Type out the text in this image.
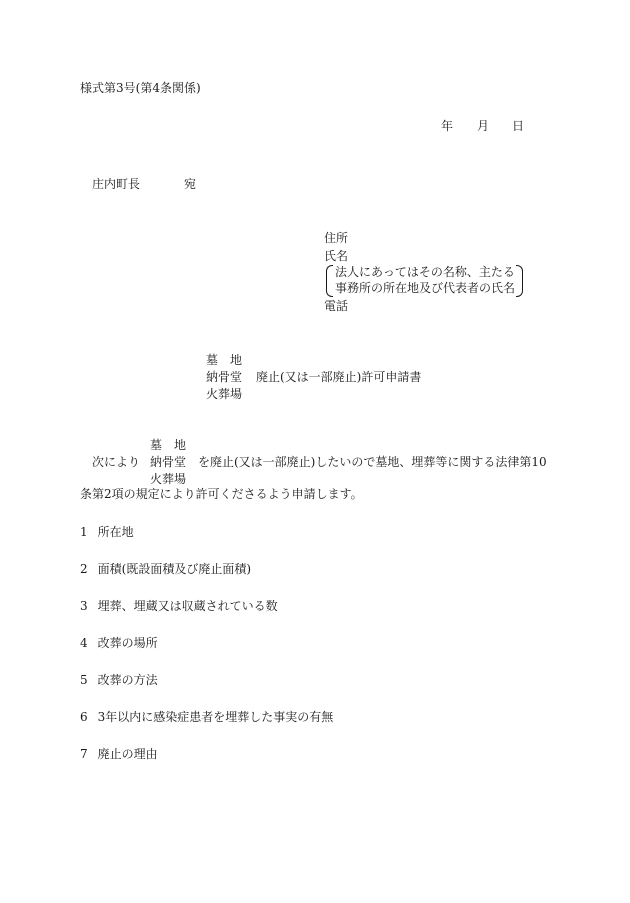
様式第3号(第4条関係)
年 月 日
庄内町長	宛
住所
氏名
法人にあってはその名称、主たる
事務所の所在地及び代表者の氏名
電話
墓　地
納骨堂
火葬場
廃止(又は一部廃止)許可申請書
次により
墓　地
納骨堂
火葬場
を廃止(又は一部廃止)したいので墓地、埋葬等に関する法律第10
条第2項の規定により許可くださるよう申請します。
1 所在地
2 面積(既設面積及び廃止面積)
3 埋葬、埋蔵又は収蔵されている数
4 改葬の場所
5 改葬の方法
6 3年以内に感染症患者を埋葬した事実の有無
7 廃止の理由
